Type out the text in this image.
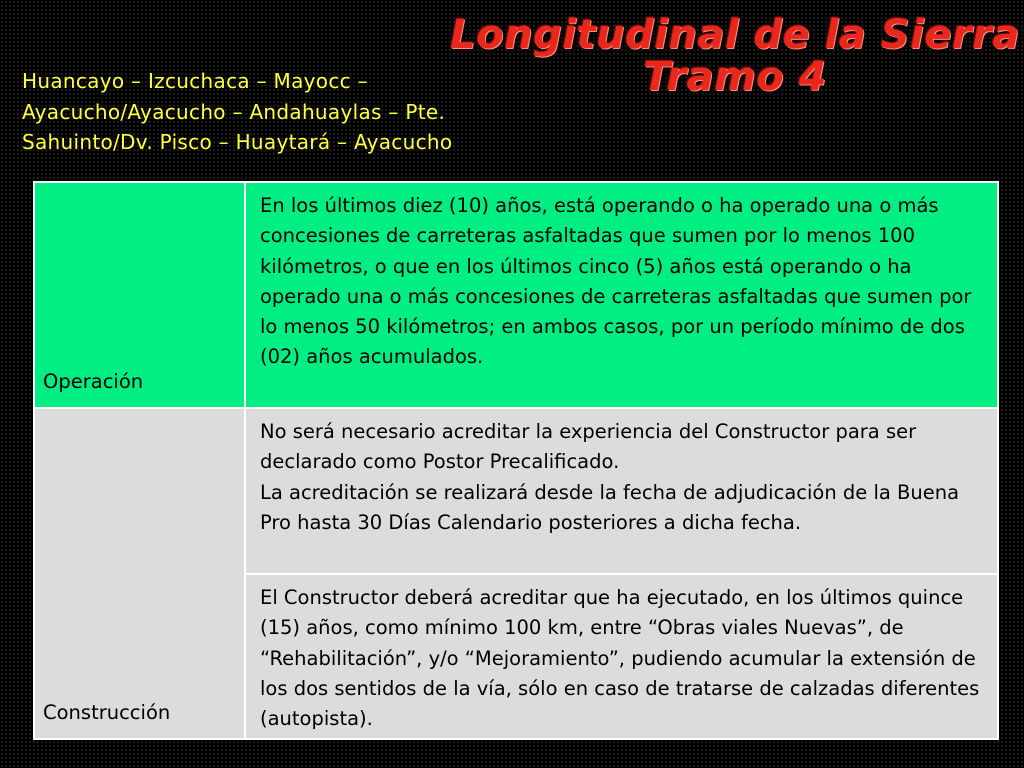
Longitudinal de la Sierra
Tramo 4
Huancayo – Izcuchaca – Mayocc –
Ayacucho/Ayacucho – Andahuaylas – Pte.
Sahuinto/Dv. Pisco – Huaytará – Ayacucho
Operación	En los últimos diez (10) años, está operando o ha operado una o más concesiones de carreteras asfaltadas que sumen por lo menos 100 kilómetros, o que en los últimos cinco (5) años está operando o ha operado una o más concesiones de carreteras asfaltadas que sumen por lo menos 50 kilómetros; en ambos casos, por un período mínimo de dos (02) años acumulados.
Construcción	No será necesario acreditar la experiencia del Constructor para ser declarado como Postor Precalificado.
La acreditación se realizará desde la fecha de adjudicación de la Buena Pro hasta 30 Días Calendario posteriores a dicha fecha.

	El Constructor deberá acreditar que ha ejecutado, en los últimos quince (15) años, como mínimo 100 km, entre “Obras viales Nuevas”, de “Rehabilitación”, y/o “Mejoramiento”, pudiendo acumular la extensión de los dos sentidos de la vía, sólo en caso de tratarse de calzadas diferentes (autopista).
